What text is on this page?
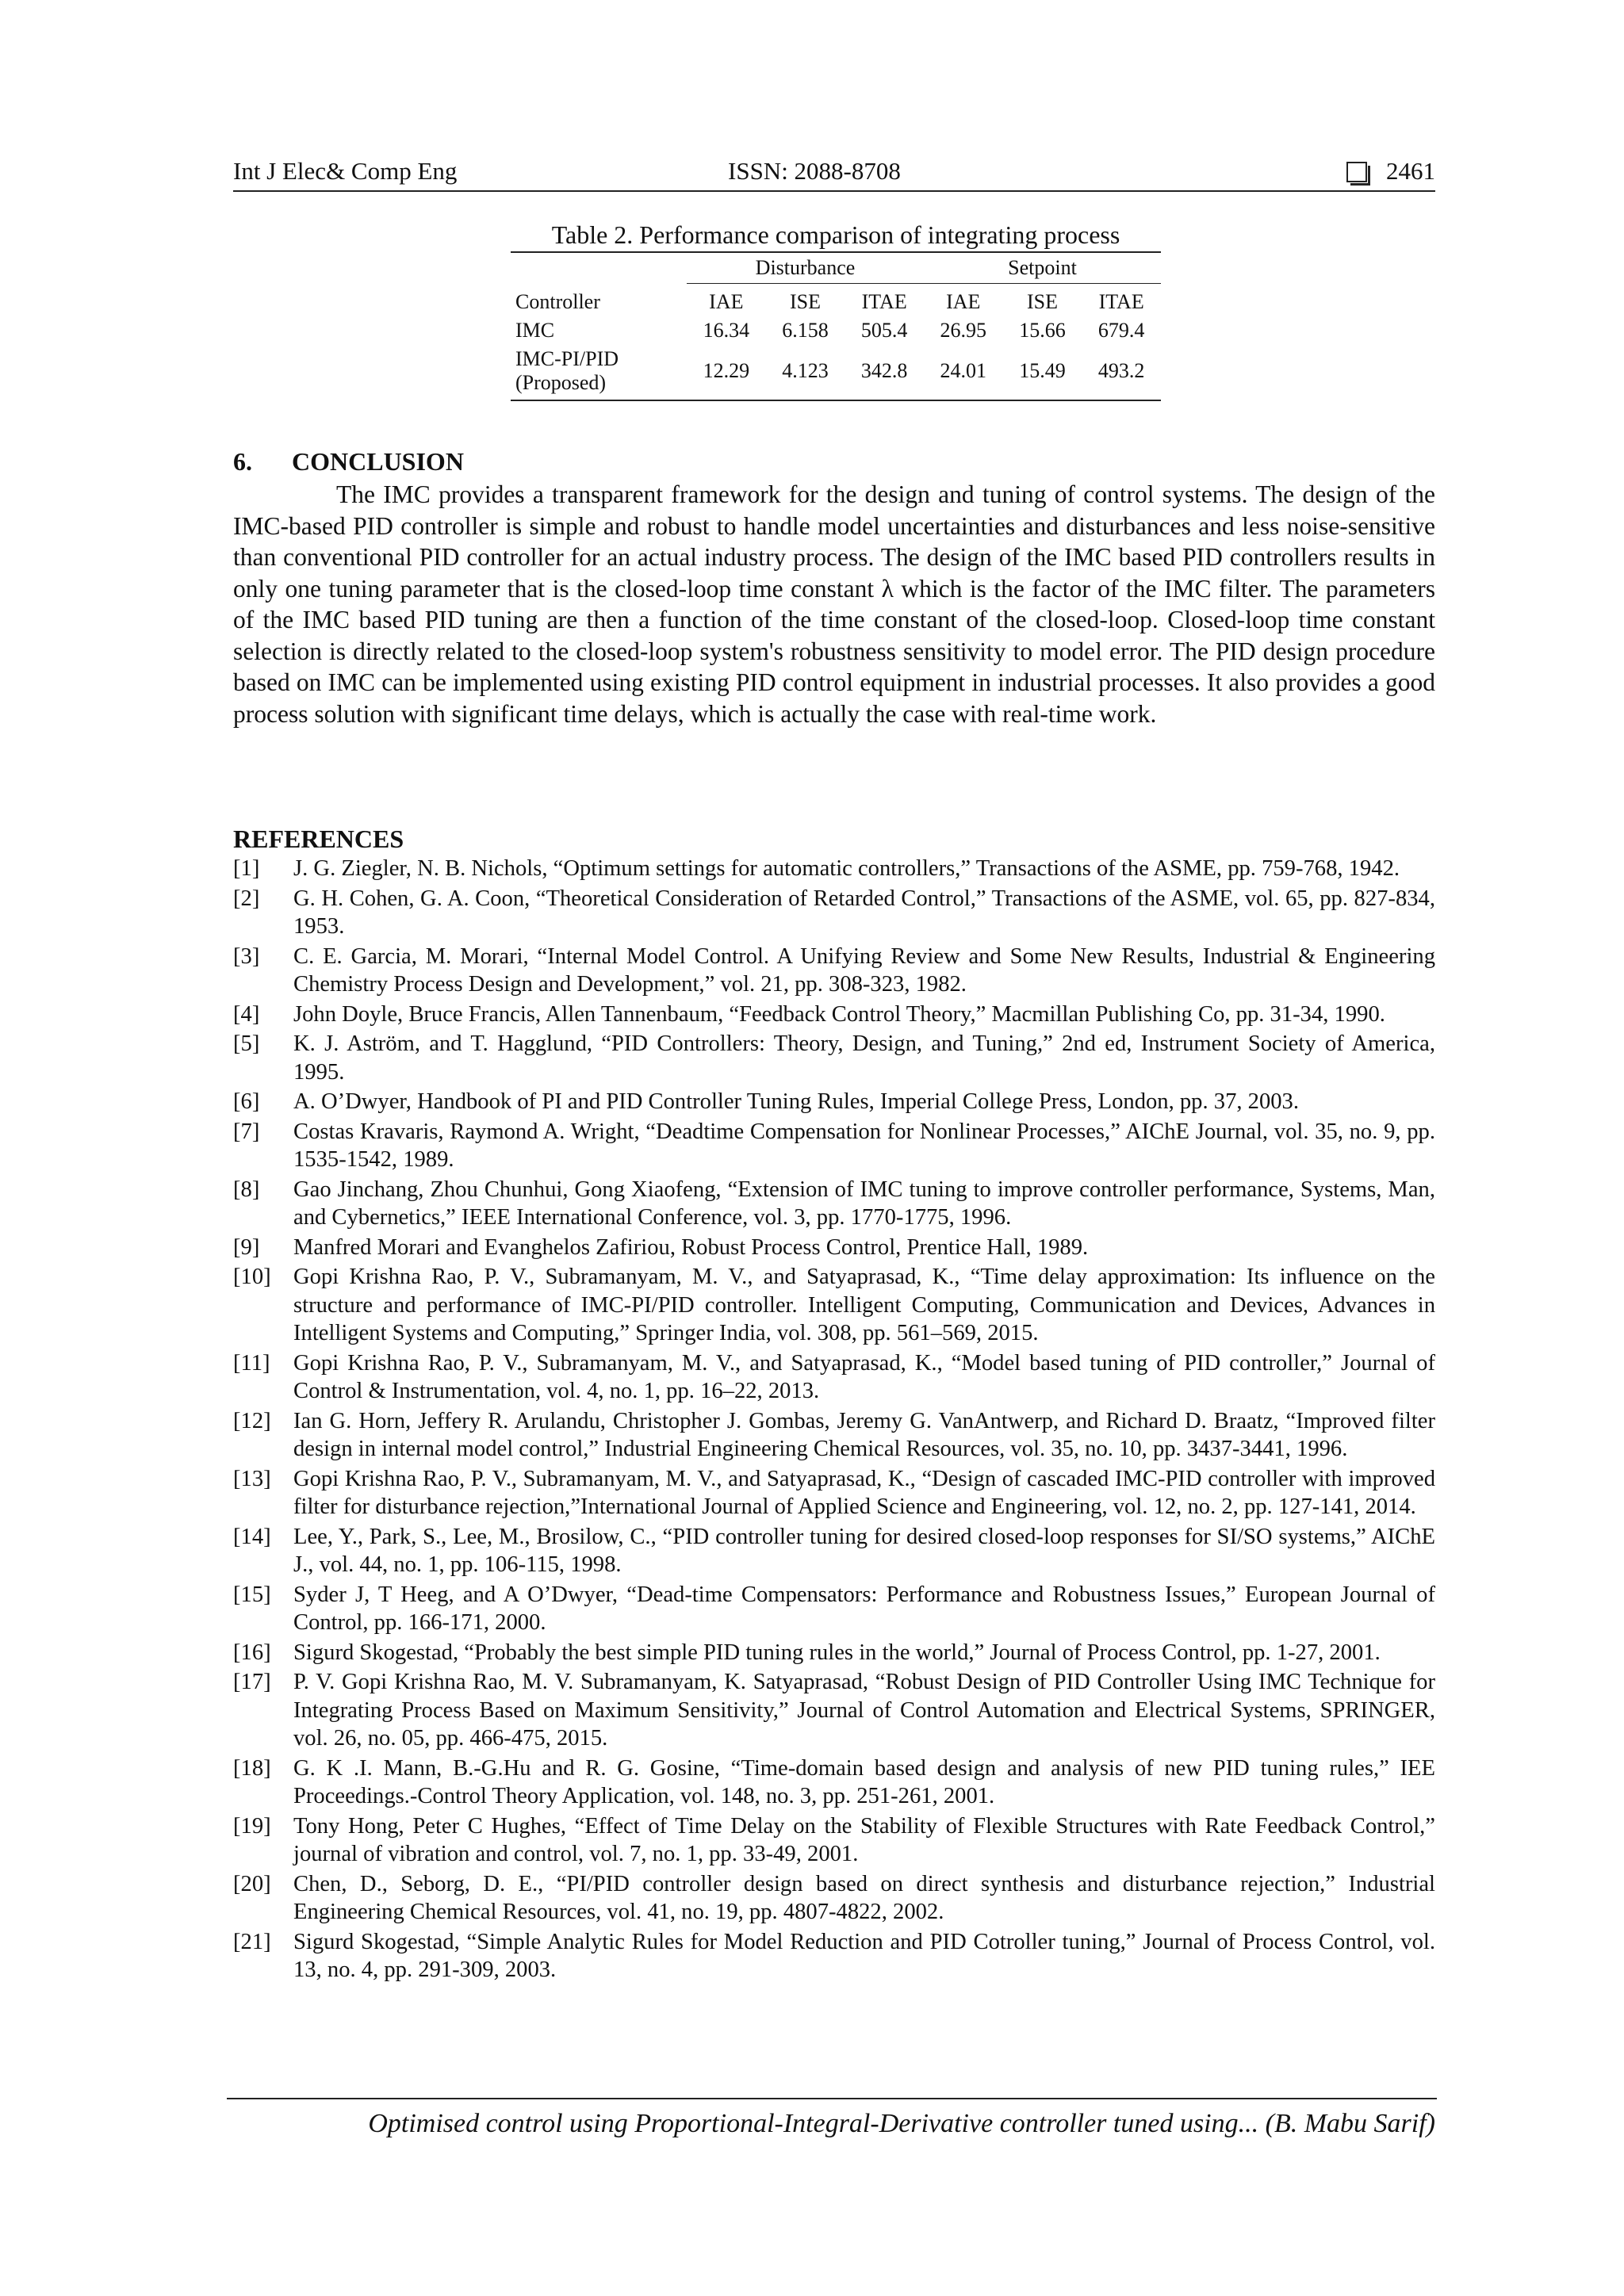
Int J Elec& Comp Eng	ISSN: 2088-8708	2461
Table 2. Performance comparison of integrating process
	Disturbance			Setpoint		
Controller	IAE	ISE	ITAE	IAE	ISE	ITAE
IMC	16.34	6.158	505.4	26.95	15.66	679.4
IMC-PI/PID (Proposed)	12.29	4.123	342.8	24.01	15.49	493.2
6. CONCLUSION
The IMC provides a transparent framework for the design and tuning of control systems. The design of the IMC-based PID controller is simple and robust to handle model uncertainties and disturbances and less noise-sensitive than conventional PID controller for an actual industry process. The design of the IMC based PID controllers results in only one tuning parameter that is the closed-loop time constant λ which is the factor of the IMC filter. The parameters of the IMC based PID tuning are then a function of the time constant of the closed-loop. Closed-loop time constant selection is directly related to the closed-loop system's robustness sensitivity to model error. The PID design procedure based on IMC can be implemented using existing PID control equipment in industrial processes. It also provides a good process solution with significant time delays, which is actually the case with real-time work.
REFERENCES
[1] J. G. Ziegler, N. B. Nichols, “Optimum settings for automatic controllers,” Transactions of the ASME, pp. 759-768, 1942.
[2] G. H. Cohen, G. A. Coon, “Theoretical Consideration of Retarded Control,” Transactions of the ASME, vol. 65, pp. 827-834, 1953.
[3] C. E. Garcia, M. Morari, “Internal Model Control. A Unifying Review and Some New Results, Industrial & Engineering Chemistry Process Design and Development,” vol. 21, pp. 308-323, 1982.
[4] John Doyle, Bruce Francis, Allen Tannenbaum, “Feedback Control Theory,” Macmillan Publishing Co, pp. 31-34, 1990.
[5] K. J. Aström, and T. Hagglund, “PID Controllers: Theory, Design, and Tuning,” 2nd ed, Instrument Society of America, 1995.
[6] A. O’Dwyer, Handbook of PI and PID Controller Tuning Rules, Imperial College Press, London, pp. 37, 2003.
[7] Costas Kravaris, Raymond A. Wright, “Deadtime Compensation for Nonlinear Processes,” AIChE Journal, vol. 35, no. 9, pp. 1535-1542, 1989.
[8] Gao Jinchang, Zhou Chunhui, Gong Xiaofeng, “Extension of IMC tuning to improve controller performance, Systems, Man, and Cybernetics,” IEEE International Conference, vol. 3, pp. 1770-1775, 1996.
[9] Manfred Morari and Evanghelos Zafiriou, Robust Process Control, Prentice Hall, 1989.
[10] Gopi Krishna Rao, P. V., Subramanyam, M. V., and Satyaprasad, K., “Time delay approximation: Its influence on the structure and performance of IMC-PI/PID controller. Intelligent Computing, Communication and Devices, Advances in Intelligent Systems and Computing,” Springer India, vol. 308, pp. 561–569, 2015.
[11] Gopi Krishna Rao, P. V., Subramanyam, M. V., and Satyaprasad, K., “Model based tuning of PID controller,” Journal of Control & Instrumentation, vol. 4, no. 1, pp. 16–22, 2013.
[12] Ian G. Horn, Jeffery R. Arulandu, Christopher J. Gombas, Jeremy G. VanAntwerp, and Richard D. Braatz, “Improved filter design in internal model control,” Industrial Engineering Chemical Resources, vol. 35, no. 10, pp. 3437-3441, 1996.
[13] Gopi Krishna Rao, P. V., Subramanyam, M. V., and Satyaprasad, K., “Design of cascaded IMC-PID controller with improved filter for disturbance rejection,”International Journal of Applied Science and Engineering, vol. 12, no. 2, pp. 127-141, 2014.
[14] Lee, Y., Park, S., Lee, M., Brosilow, C., “PID controller tuning for desired closed-loop responses for SI/SO systems,” AIChE J., vol. 44, no. 1, pp. 106-115, 1998.
[15] Syder J, T Heeg, and A O’Dwyer, “Dead-time Compensators: Performance and Robustness Issues,” European Journal of Control, pp. 166-171, 2000.
[16] Sigurd Skogestad, “Probably the best simple PID tuning rules in the world,” Journal of Process Control, pp. 1-27, 2001.
[17] P. V. Gopi Krishna Rao, M. V. Subramanyam, K. Satyaprasad, “Robust Design of PID Controller Using IMC Technique for Integrating Process Based on Maximum Sensitivity,” Journal of Control Automation and Electrical Systems, SPRINGER, vol. 26, no. 05, pp. 466-475, 2015.
[18] G. K .I. Mann, B.-G.Hu and R. G. Gosine, “Time-domain based design and analysis of new PID tuning rules,” IEE Proceedings.-Control Theory Application, vol. 148, no. 3, pp. 251-261, 2001.
[19] Tony Hong, Peter C Hughes, “Effect of Time Delay on the Stability of Flexible Structures with Rate Feedback Control,” journal of vibration and control, vol. 7, no. 1, pp. 33-49, 2001.
[20] Chen, D., Seborg, D. E., “PI/PID controller design based on direct synthesis and disturbance rejection,” Industrial Engineering Chemical Resources, vol. 41, no. 19, pp. 4807-4822, 2002.
[21] Sigurd Skogestad, “Simple Analytic Rules for Model Reduction and PID Cotroller tuning,” Journal of Process Control, vol. 13, no. 4, pp. 291-309, 2003.
Optimised control using Proportional-Integral-Derivative controller tuned using... (B. Mabu Sarif)
